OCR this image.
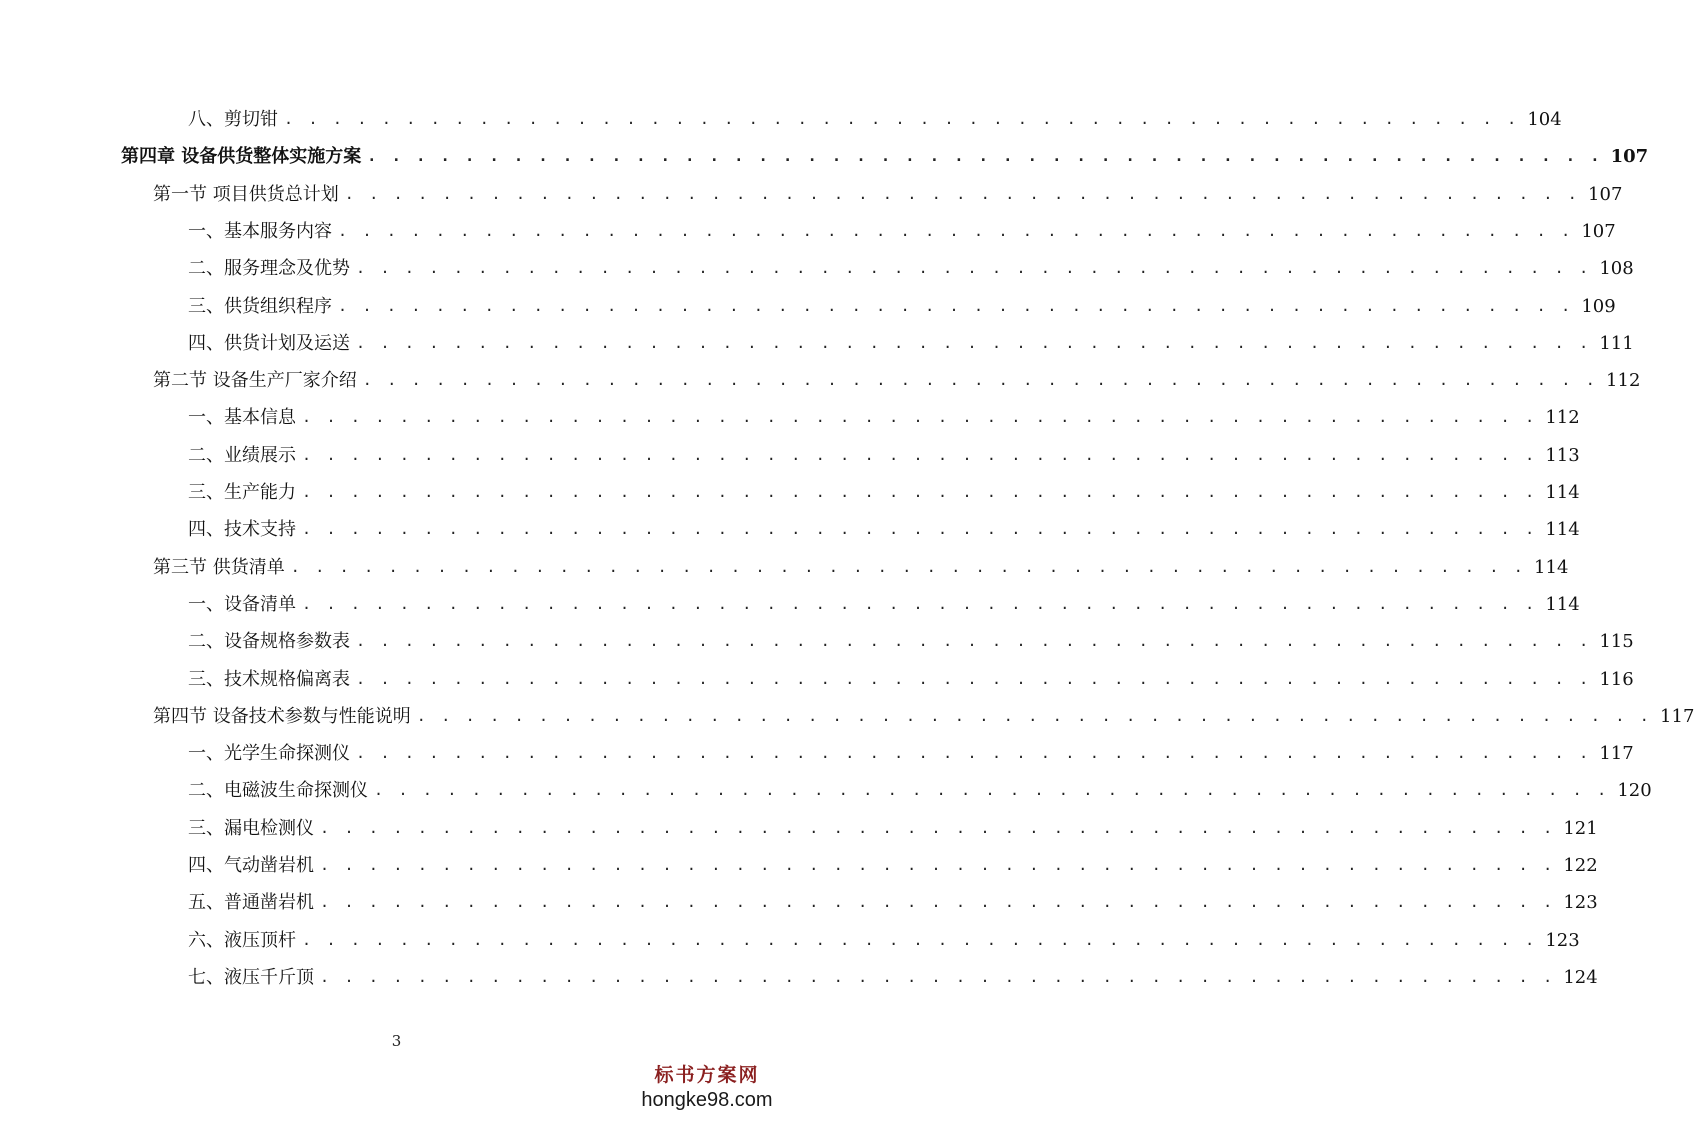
八、剪切钳 . . . . . . . . . . . . . . . . . . . . . . . . . . . . . . . . . . . . . . . . . . . . . . . . . . . 104
第四章 设备供货整体实施方案 . . . . . . . . . . . . . . . . . . . . . . . . . . . . . . . . . . . . . . . . . . . . . . . . . . . 107
第一节 项目供货总计划 . . . . . . . . . . . . . . . . . . . . . . . . . . . . . . . . . . . . . . . . . . . . . . . . . . . 107
一、基本服务内容 . . . . . . . . . . . . . . . . . . . . . . . . . . . . . . . . . . . . . . . . . . . . . . . . . . . 107
二、服务理念及优势 . . . . . . . . . . . . . . . . . . . . . . . . . . . . . . . . . . . . . . . . . . . . . . . . . . . 108
三、供货组织程序 . . . . . . . . . . . . . . . . . . . . . . . . . . . . . . . . . . . . . . . . . . . . . . . . . . . 109
四、供货计划及运送 . . . . . . . . . . . . . . . . . . . . . . . . . . . . . . . . . . . . . . . . . . . . . . . . . . . 111
第二节 设备生产厂家介绍 . . . . . . . . . . . . . . . . . . . . . . . . . . . . . . . . . . . . . . . . . . . . . . . . . . . 112
一、基本信息 . . . . . . . . . . . . . . . . . . . . . . . . . . . . . . . . . . . . . . . . . . . . . . . . . . . 112
二、业绩展示 . . . . . . . . . . . . . . . . . . . . . . . . . . . . . . . . . . . . . . . . . . . . . . . . . . . 113
三、生产能力 . . . . . . . . . . . . . . . . . . . . . . . . . . . . . . . . . . . . . . . . . . . . . . . . . . . 114
四、技术支持 . . . . . . . . . . . . . . . . . . . . . . . . . . . . . . . . . . . . . . . . . . . . . . . . . . . 114
第三节 供货清单 . . . . . . . . . . . . . . . . . . . . . . . . . . . . . . . . . . . . . . . . . . . . . . . . . . . 114
一、设备清单 . . . . . . . . . . . . . . . . . . . . . . . . . . . . . . . . . . . . . . . . . . . . . . . . . . . 114
二、设备规格参数表 . . . . . . . . . . . . . . . . . . . . . . . . . . . . . . . . . . . . . . . . . . . . . . . . . . . 115
三、技术规格偏离表 . . . . . . . . . . . . . . . . . . . . . . . . . . . . . . . . . . . . . . . . . . . . . . . . . . . 116
第四节 设备技术参数与性能说明 . . . . . . . . . . . . . . . . . . . . . . . . . . . . . . . . . . . . . . . . . . . . . . . . . . . 117
一、光学生命探测仪 . . . . . . . . . . . . . . . . . . . . . . . . . . . . . . . . . . . . . . . . . . . . . . . . . . . 117
二、电磁波生命探测仪 . . . . . . . . . . . . . . . . . . . . . . . . . . . . . . . . . . . . . . . . . . . . . . . . . . . 120
三、漏电检测仪 . . . . . . . . . . . . . . . . . . . . . . . . . . . . . . . . . . . . . . . . . . . . . . . . . . . 121
四、气动凿岩机 . . . . . . . . . . . . . . . . . . . . . . . . . . . . . . . . . . . . . . . . . . . . . . . . . . . 122
五、普通凿岩机 . . . . . . . . . . . . . . . . . . . . . . . . . . . . . . . . . . . . . . . . . . . . . . . . . . . 123
六、液压顶杆 . . . . . . . . . . . . . . . . . . . . . . . . . . . . . . . . . . . . . . . . . . . . . . . . . . . 123
七、液压千斤顶 . . . . . . . . . . . . . . . . . . . . . . . . . . . . . . . . . . . . . . . . . . . . . . . . . . . 124
3
标书方案网
hongke98.com
